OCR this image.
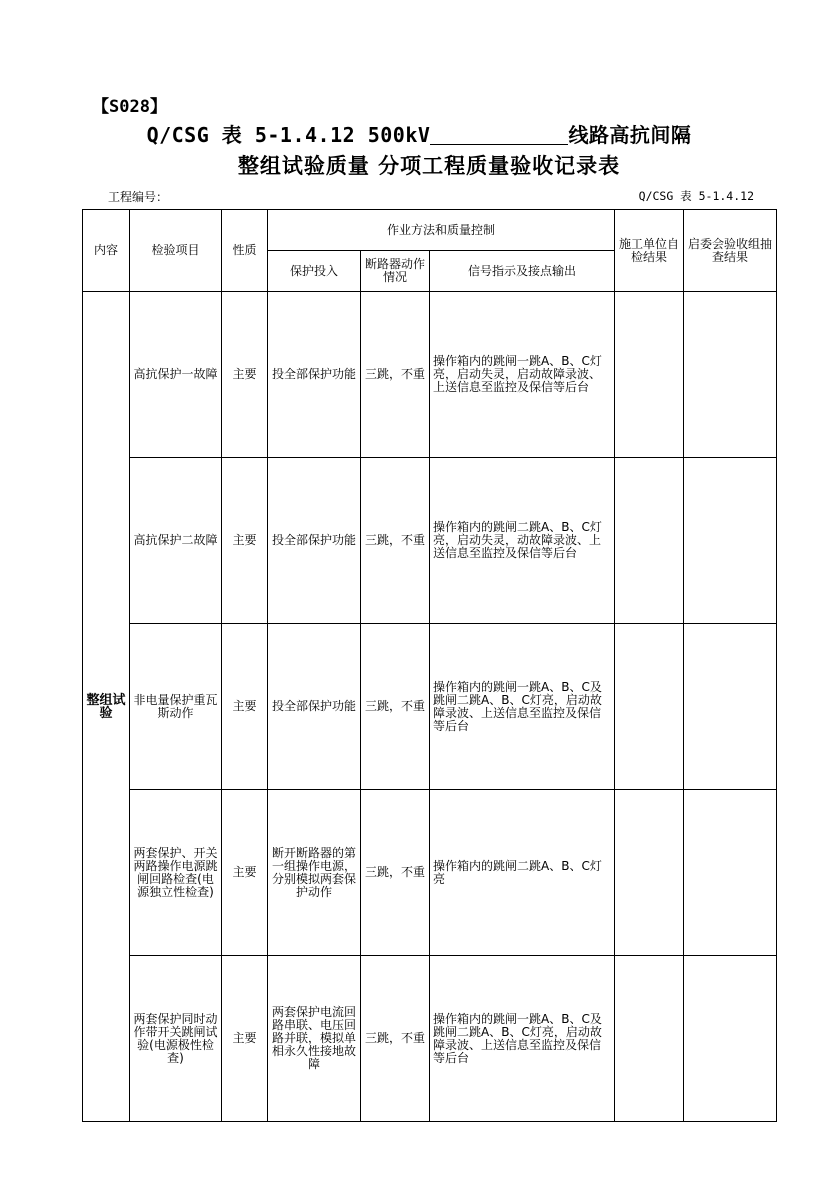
【S028】
Q/CSG 表 5-1.4.12 500kV	线路高抗间隔
整组试验质量 分项工程质量验收记录表
工程编号：	Q/CSG 表 5-1.4.12
内容	检验项目	性质	作业方法和质量控制			施工单位自检结果	启委会验收组抽查结果
			保护投入	断路器动作情况	信号指示及接点输出		
整组试验	高抗保护一故障	主要	投全部保护功能	三跳，不重	操作箱内的跳闸一跳A、B、C灯亮，启动失灵，启动故障录波、上送信息至监控及保信等后台		
	高抗保护二故障	主要	投全部保护功能	三跳，不重	操作箱内的跳闸二跳A、B、C灯亮，启动失灵，动故障录波、上送信息至监控及保信等后台		
	非电量保护重瓦斯动作	主要	投全部保护功能	三跳，不重	操作箱内的跳闸一跳A、B、C及跳闸二跳A、B、C灯亮，启动故障录波、上送信息至监控及保信等后台		
	两套保护、开关两路操作电源跳闸回路检查(电源独立性检查)	主要	断开断路器的第一组操作电源，分别模拟两套保护动作	三跳，不重	操作箱内的跳闸二跳A、B、C灯亮		
	两套保护同时动作带开关跳闸试验(电源极性检查)	主要	两套保护电流回路串联、电压回路并联，模拟单相永久性接地故障	三跳，不重	操作箱内的跳闸一跳A、B、C及跳闸二跳A、B、C灯亮，启动故障录波、上送信息至监控及保信等后台		
